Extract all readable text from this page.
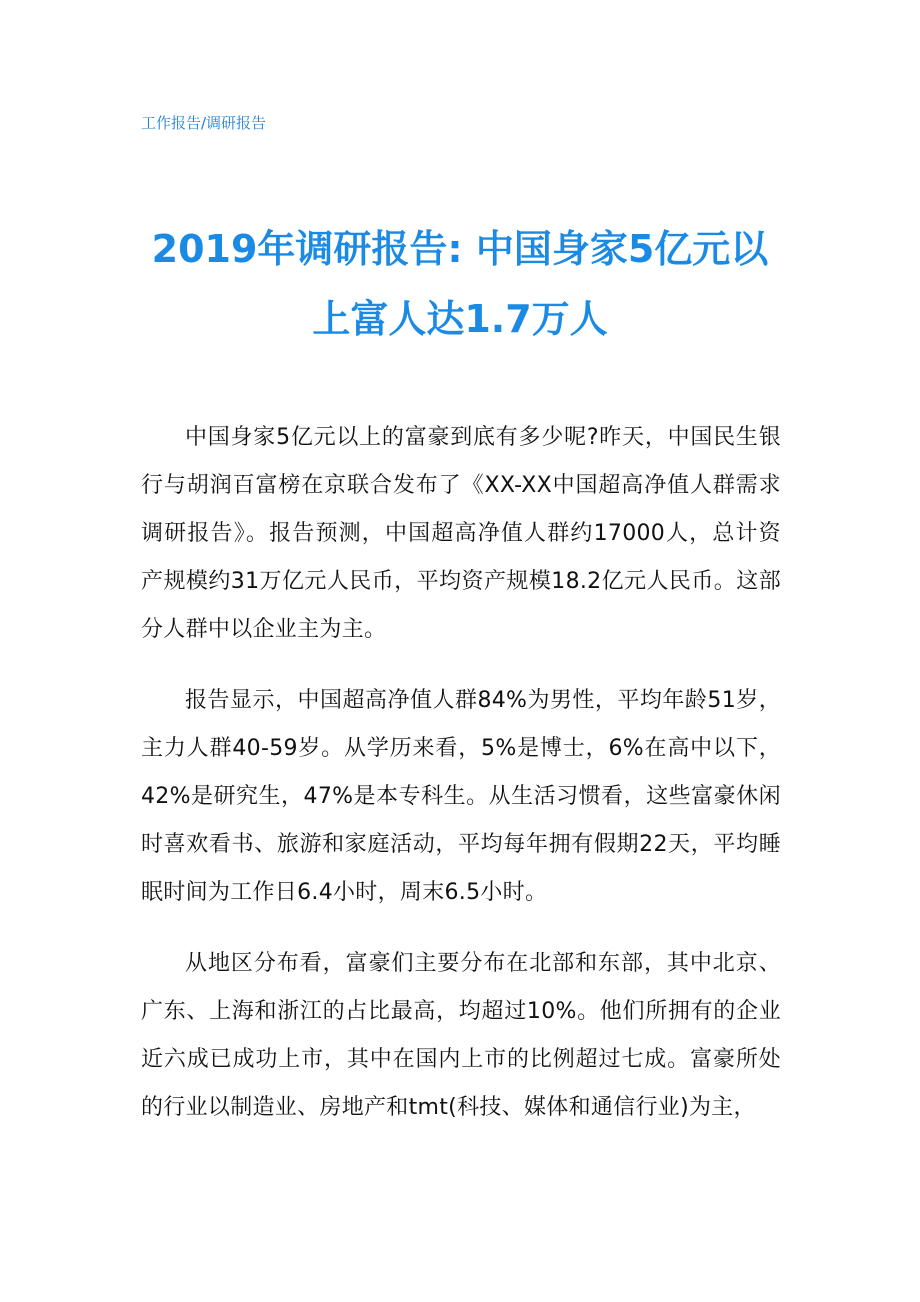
工作报告/调研报告
2019年调研报告: 中国身家5亿元以
上富人达1.7万人

中国身家5亿元以上的富豪到底有多少呢?昨天，中国民生银行与胡润百富榜在京联合发布了《XX-XX中国超高净值人群需求调研报告》。报告预测，中国超高净值人群约17000人，总计资产规模约31万亿元人民币，平均资产规模18.2亿元人民币。这部分人群中以企业主为主。

报告显示，中国超高净值人群84%为男性，平均年龄51岁，主力人群40-59岁。从学历来看，5%是博士，6%在高中以下，42%是研究生，47%是本专科生。从生活习惯看，这些富豪休闲时喜欢看书、旅游和家庭活动，平均每年拥有假期22天，平均睡眠时间为工作日6.4小时，周末6.5小时。

从地区分布看，富豪们主要分布在北部和东部，其中北京、广东、上海和浙江的占比最高，均超过10%。他们所拥有的企业近六成已成功上市，其中在国内上市的比例超过七成。富豪所处的行业以制造业、房地产和tmt(科技、媒体和通信行业)为主，
